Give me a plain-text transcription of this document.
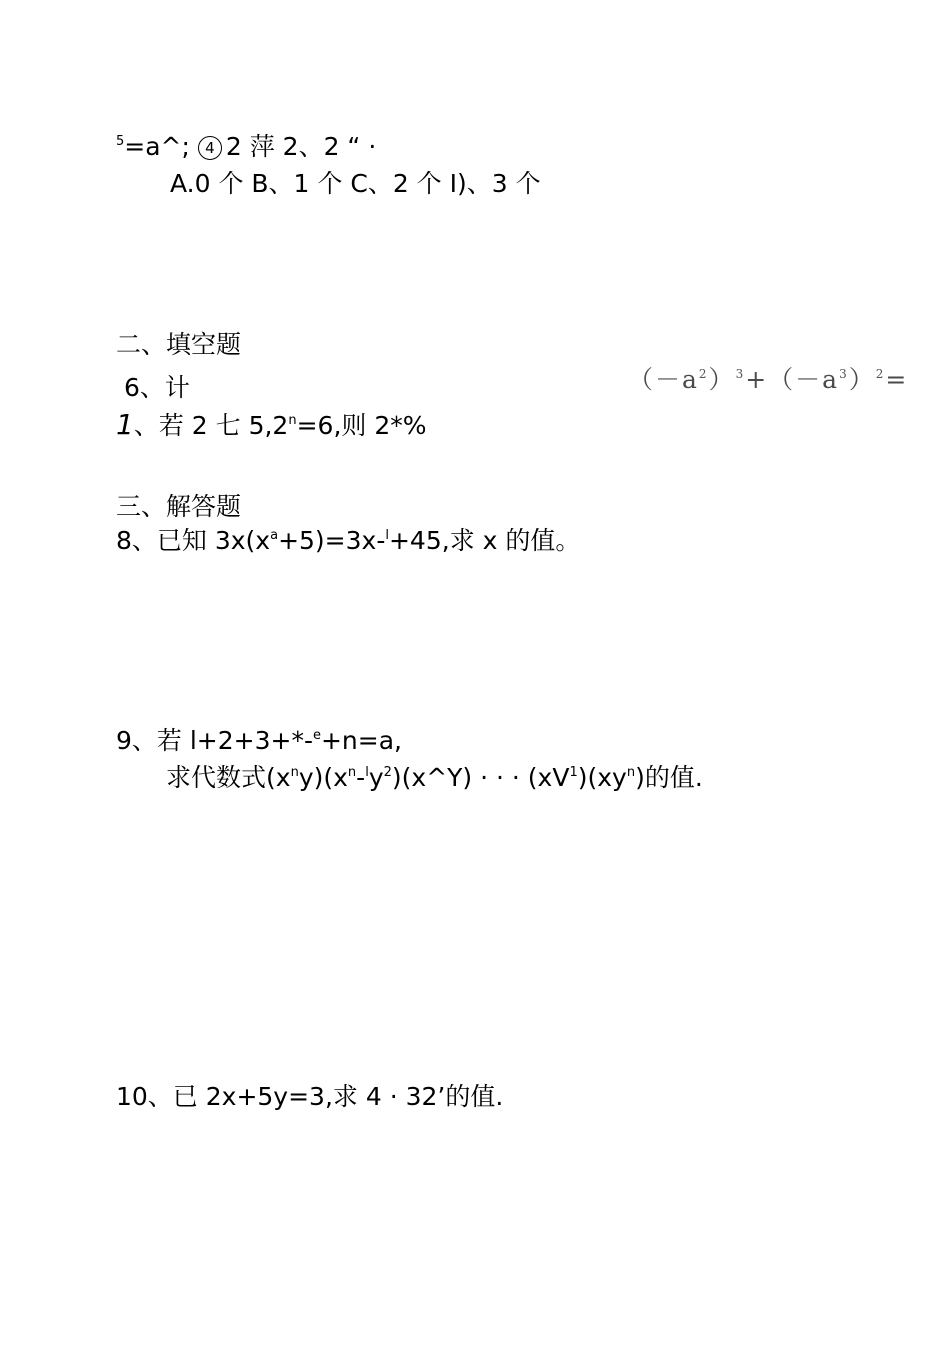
$^5$=a^; 4 2 萍 2、2 “ ·
A.0 个 B、1 个 C、2 个 I)、3 个
二、填空题
6、计	$(-a^2)^3+(-a^3)^2=$
1、若 2 七 $5,2^n=6$,则 2*%
三、解答题
8、已知 $3x(x^a+5)=3x-^l+45$,求 x 的值。
9、若 l+2+3+*-$^e$+n=a,
求代数式$(x^ny)(x^n-^ly^2)(x\^{}Y)$ · · · $(xV^1)(xy^n)$的值.
10、已 2x+5y=3,求 4 · 32’的值.
